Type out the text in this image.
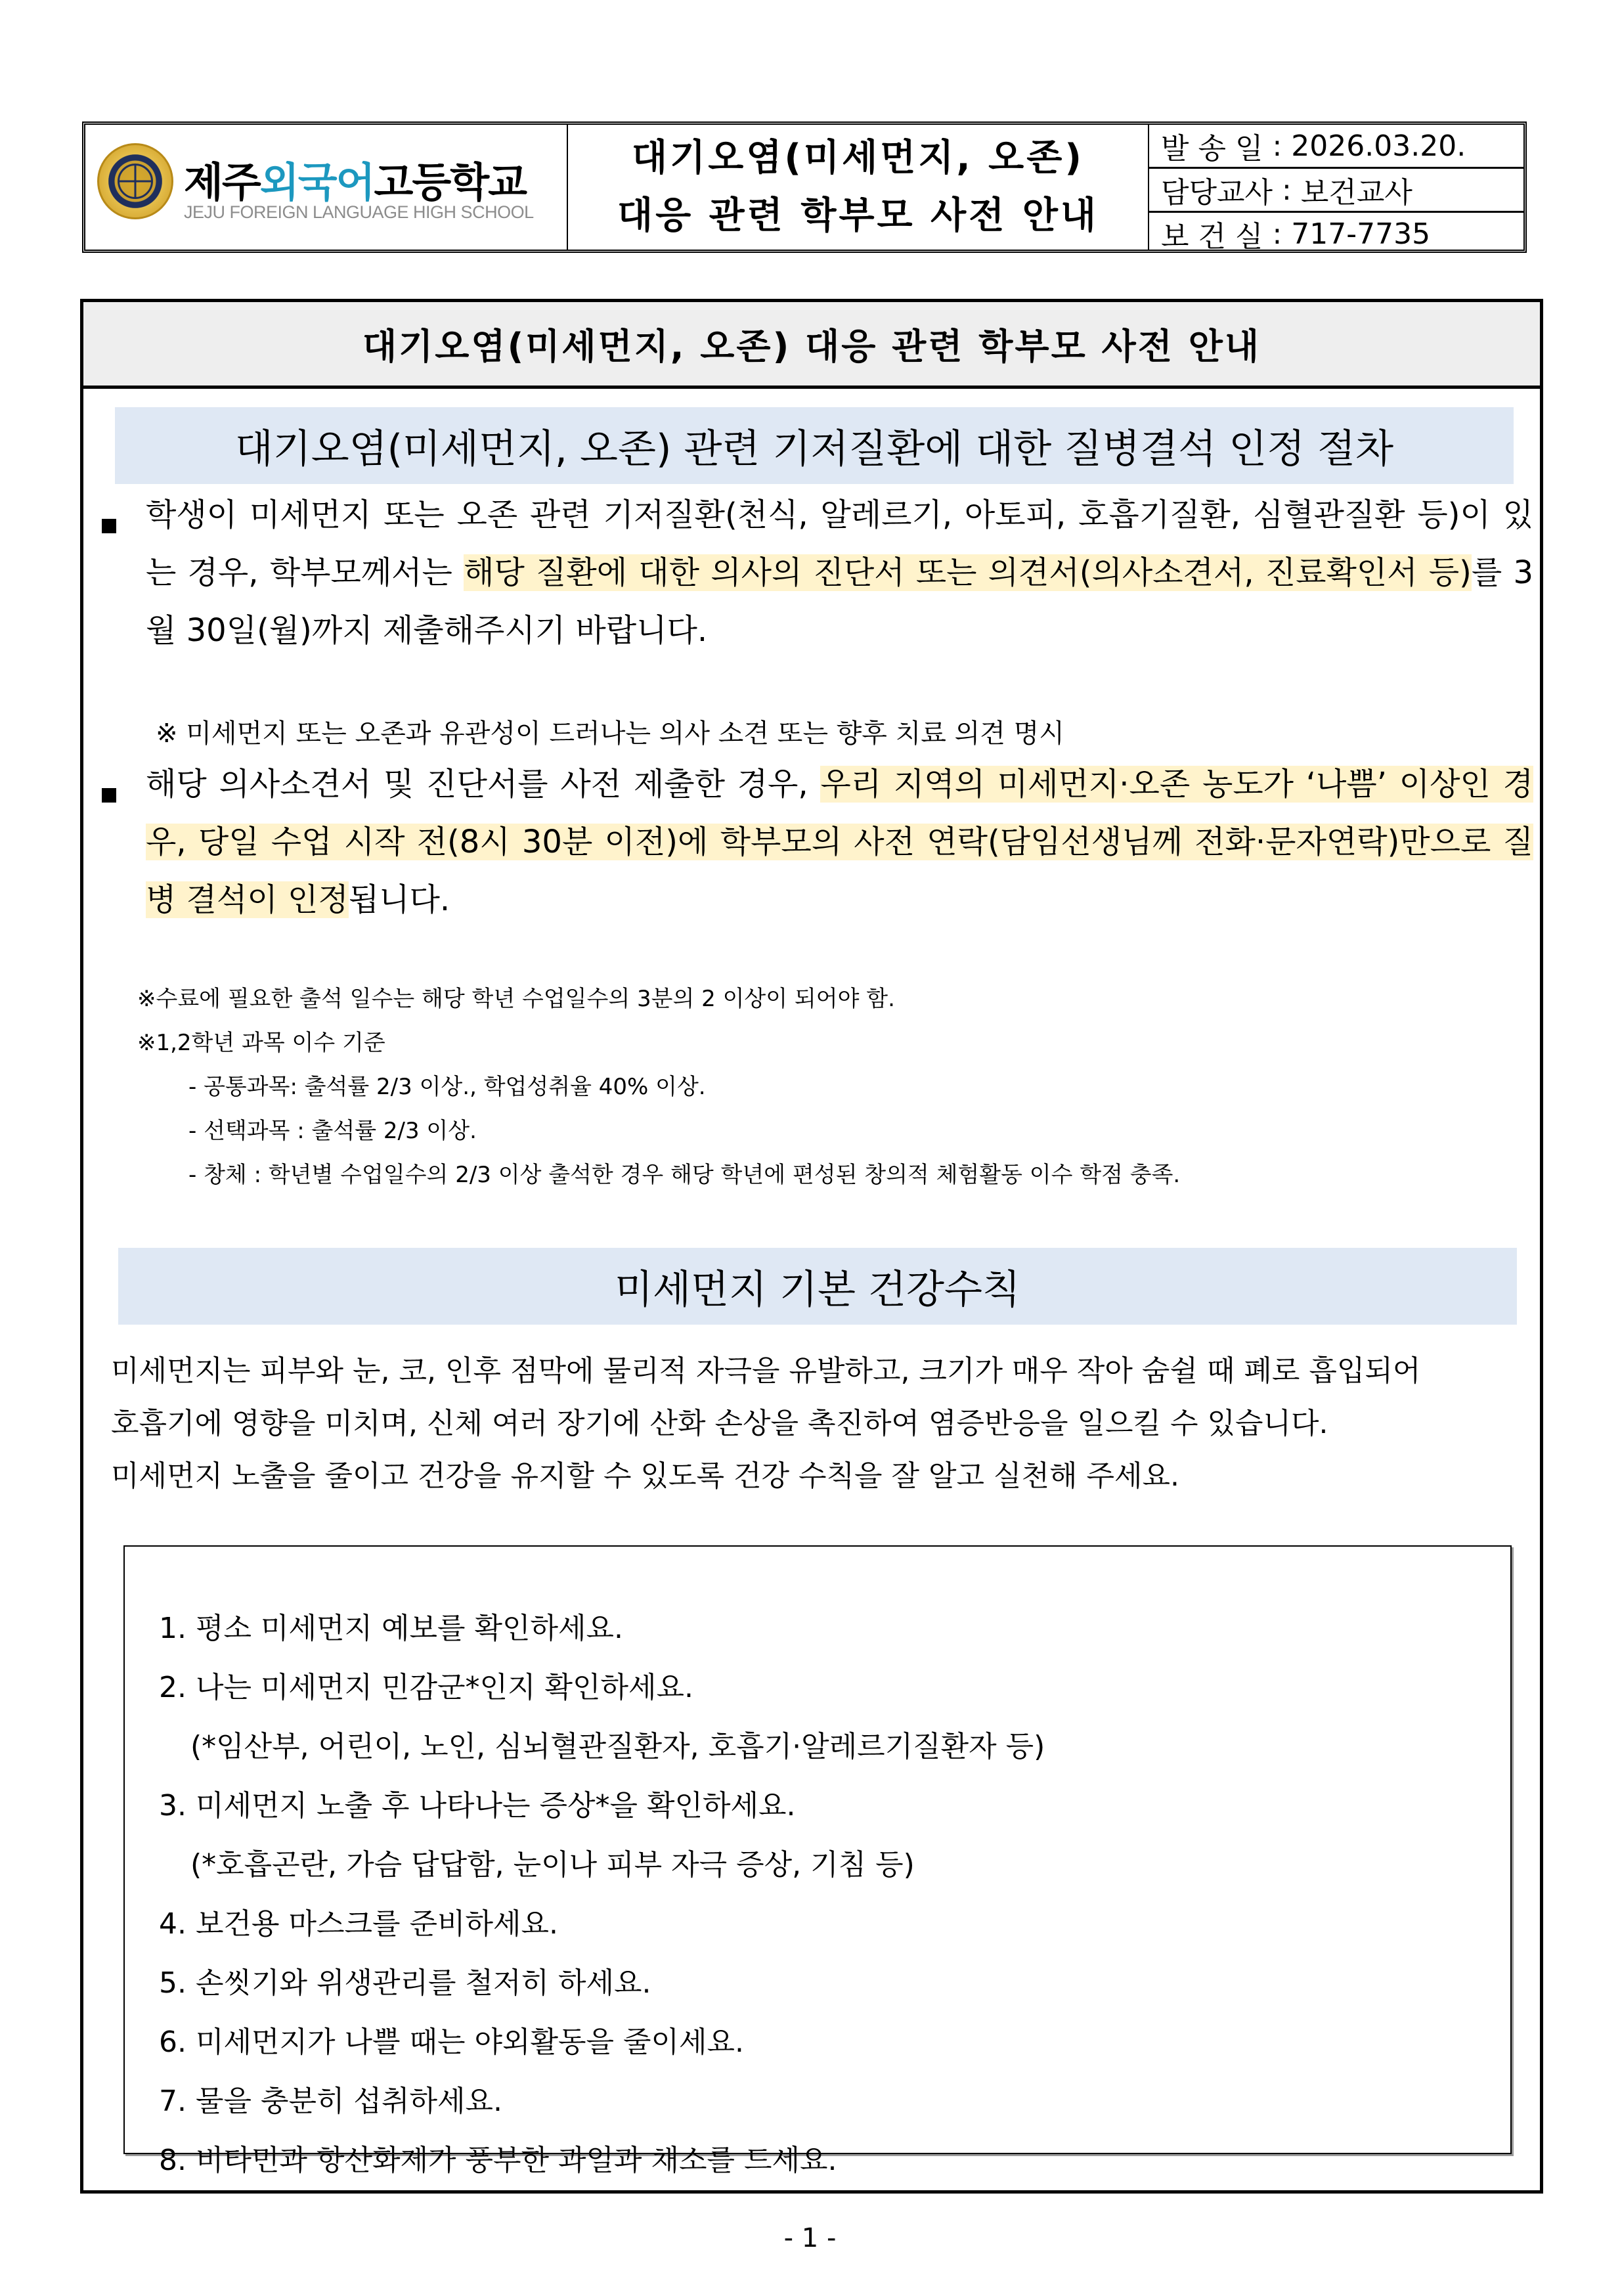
제주외국어고등학교
JEJU FOREIGN LANGUAGE HIGH SCHOOL
대기오염(미세먼지, 오존)
대응 관련 학부모 사전 안내
발 송 일 : 2026.03.20.
담당교사 : 보건교사
보 건 실 : 717-7735
대기오염(미세먼지, 오존) 대응 관련 학부모 사전 안내
대기오염(미세먼지, 오존) 관련 기저질환에 대한 질병결석 인정 절차
학생이 미세먼지 또는 오존 관련 기저질환(천식, 알레르기, 아토피, 호흡기질환, 심혈관질환 등)이 있는 경우, 학부모께서는 해당 질환에 대한 의사의 진단서 또는 의견서(의사소견서, 진료확인서 등)를 3월 30일(월)까지 제출해주시기 바랍니다.
※ 미세먼지 또는 오존과 유관성이 드러나는 의사 소견 또는 향후 치료 의견 명시
해당 의사소견서 및 진단서를 사전 제출한 경우, 우리 지역의 미세먼지·오존 농도가 ‘나쁨’ 이상인 경우, 당일 수업 시작 전(8시 30분 이전)에 학부모의 사전 연락(담임선생님께 전화·문자연락)만으로 질병 결석이 인정됩니다.
※수료에 필요한 출석 일수는 해당 학년 수업일수의 3분의 2 이상이 되어야 함.
※1,2학년 과목 이수 기준
- 공통과목: 출석률 2/3 이상., 학업성취율 40% 이상.
- 선택과목 : 출석률 2/3 이상.
- 창체 : 학년별 수업일수의 2/3 이상 출석한 경우 해당 학년에 편성된 창의적 체험활동 이수 학점 충족.
미세먼지 기본 건강수칙
미세먼지는 피부와 눈, 코, 인후 점막에 물리적 자극을 유발하고, 크기가 매우 작아 숨쉴 때 폐로 흡입되어
호흡기에 영향을 미치며, 신체 여러 장기에 산화 손상을 촉진하여 염증반응을 일으킬 수 있습니다.
미세먼지 노출을 줄이고 건강을 유지할 수 있도록 건강 수칙을 잘 알고 실천해 주세요.
1. 평소 미세먼지 예보를 확인하세요.
2. 나는 미세먼지 민감군*인지 확인하세요.
(*임산부, 어린이, 노인, 심뇌혈관질환자, 호흡기·알레르기질환자 등)
3. 미세먼지 노출 후 나타나는 증상*을 확인하세요.
(*호흡곤란, 가슴 답답함, 눈이나 피부 자극 증상, 기침 등)
4. 보건용 마스크를 준비하세요.
5. 손씻기와 위생관리를 철저히 하세요.
6. 미세먼지가 나쁠 때는 야외활동을 줄이세요.
7. 물을 충분히 섭취하세요.
8. 비타민과 항산화제가 풍부한 과일과 채소를 드세요.
- 1 -
